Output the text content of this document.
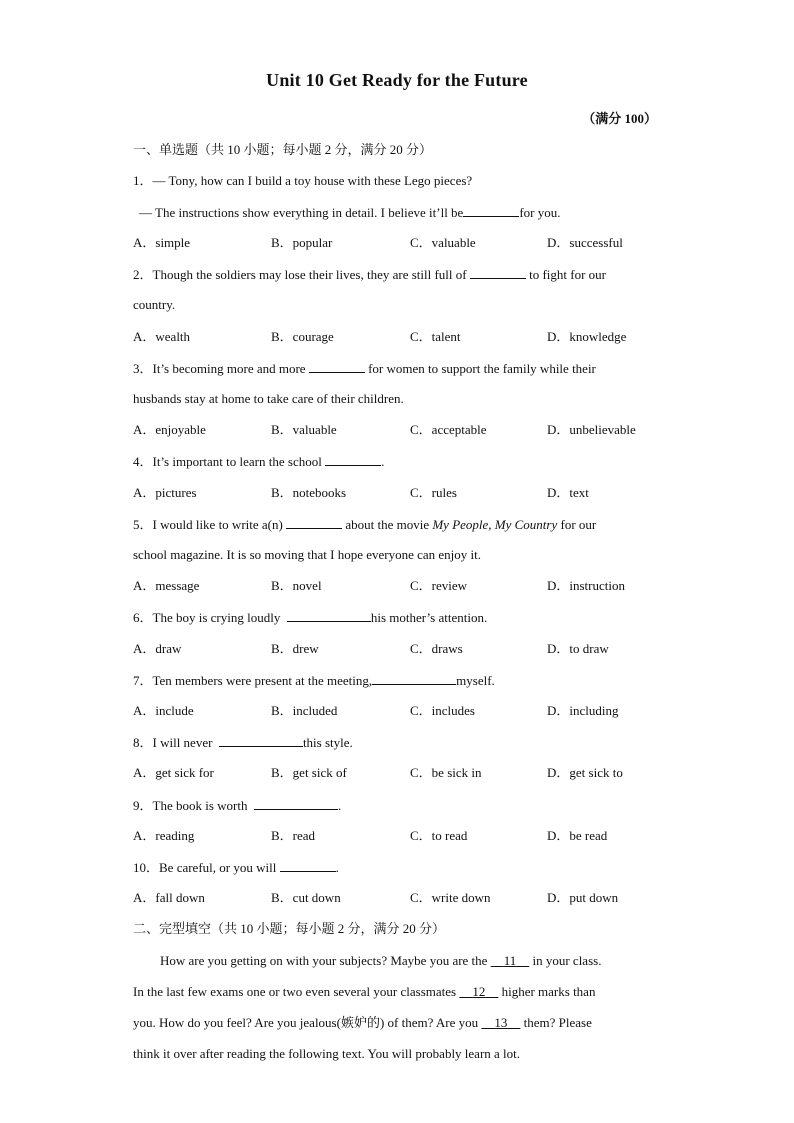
Unit 10 Get Ready for the Future
（满分 100）
一、单选题（共 10 小题；每小题 2 分，满分 20 分）
1．— Tony, how can I build a toy house with these Lego pieces?
— The instructions show everything in detail. I believe it’ll be	for you.
A．simple	B．popular	C．valuable	D．successful
2．Though the soldiers may lose their lives, they are still full of	to fight for our
country.
A．wealth	B．courage	C．talent	D．knowledge
3．It’s becoming more and more	for women to support the family while their
husbands stay at home to take care of their children.
A．enjoyable	B．valuable	C．acceptable	D．unbelievable
4．It’s important to learn the school	.
A．pictures	B．notebooks	C．rules	D．text
5．I would like to write a(n)	about the movie My People, My Country for our
school magazine. It is so moving that I hope everyone can enjoy it.
A．message	B．novel	C．review	D．instruction
6．The boy is crying loudly	his mother’s attention.
A．draw	B．drew	C．draws	D．to draw
7．Ten members were present at the meeting,	myself.
A．include	B．included	C．includes	D．including
8．I will never	this style.
A．get sick for	B．get sick of	C．be sick in	D．get sick to
9．The book is worth	.
A．reading	B．read	C．to read	D．be read
10．Be careful, or you will	.
A．fall down	B．cut down	C．write down	D．put down
二、完型填空（共 10 小题；每小题 2 分，满分 20 分）
How are you getting on with your subjects? Maybe you are the 11 in your class.
In the last few exams one or two even several your classmates 12 higher marks than
you. How do you feel? Are you jealous(嫉妒的) of them? Are you 13 them? Please
think it over after reading the following text. You will probably learn a lot.
